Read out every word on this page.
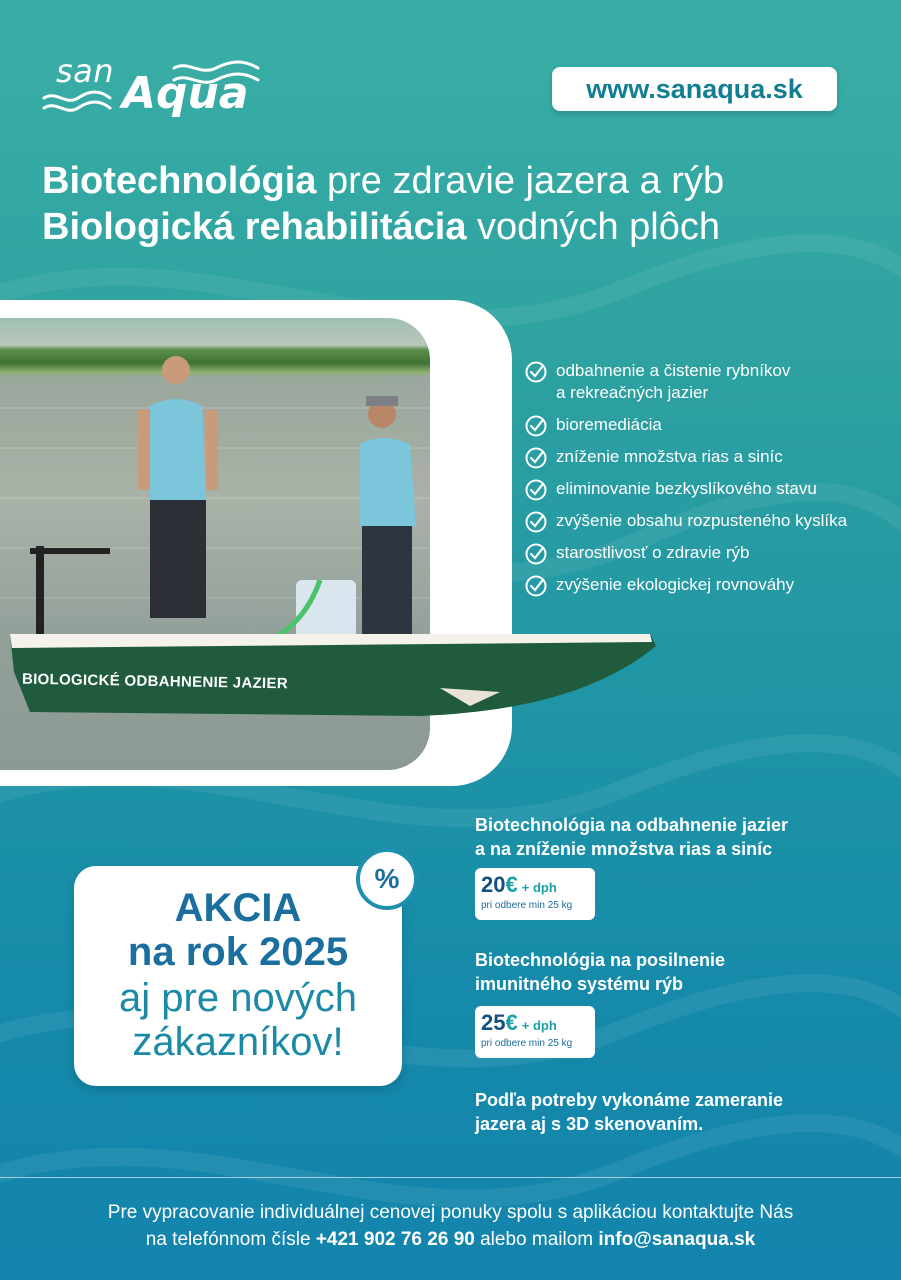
san Aqua	www.sanaqua.sk
Biotechnológia pre zdravie jazera a rýb
Biologická rehabilitácia vodných plôch
BIOLOGICKÉ ODBAHNENIE JAZIER
odbahnenie a čistenie rybníkov
a rekreačných jazier
bioremediácia
zníženie množstva rias a siníc
eliminovanie bezkyslíkového stavu
zvýšenie obsahu rozpusteného kyslíka
starostlivosť o zdravie rýb
zvýšenie ekologickej rovnováhy
AKCIA
na rok 2025
aj pre nových
zákazníkov!
%
Biotechnológia na odbahnenie jazier
a na zníženie množstva rias a siníc
20€ + dph
pri odbere min 25 kg
Biotechnológia na posilnenie
imunitného systému rýb
25€ + dph
pri odbere min 25 kg
Podľa potreby vykonáme zameranie
jazera aj s 3D skenovaním.
Pre vypracovanie individuálnej cenovej ponuky spolu s aplikáciou kontaktujte Nás
na telefónnom čísle +421 902 76 26 90 alebo mailom info@sanaqua.sk
